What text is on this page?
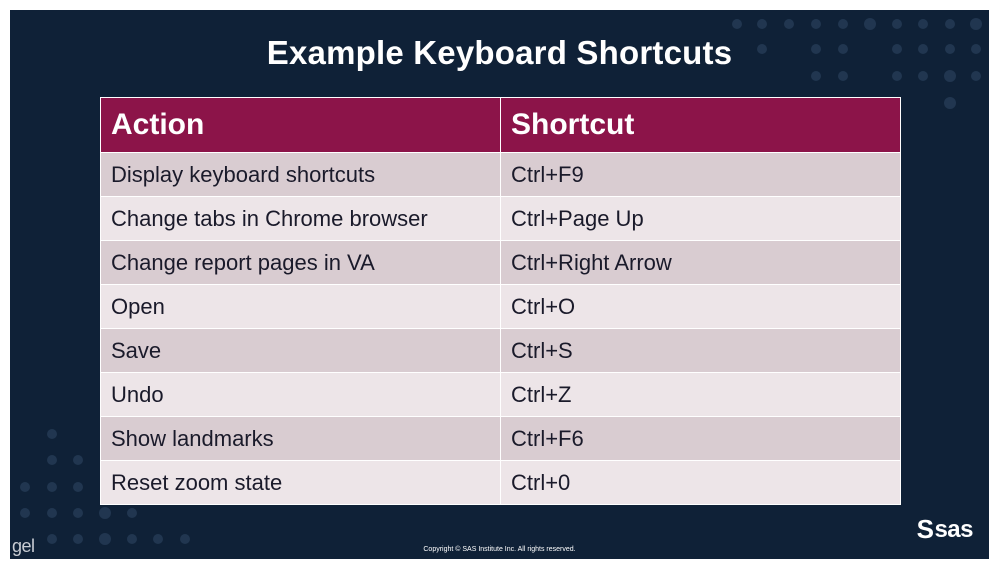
Example Keyboard Shortcuts
Action	Shortcut
Display keyboard shortcuts	Ctrl+F9
Change tabs in Chrome browser	Ctrl+Page Up
Change report pages in VA	Ctrl+Right Arrow
Open	Ctrl+O
Save	Ctrl+S
Undo	Ctrl+Z
Show landmarks	Ctrl+F6
Reset zoom state	Ctrl+0
gel	Copyright © SAS Institute Inc. All rights reserved.
S sas
